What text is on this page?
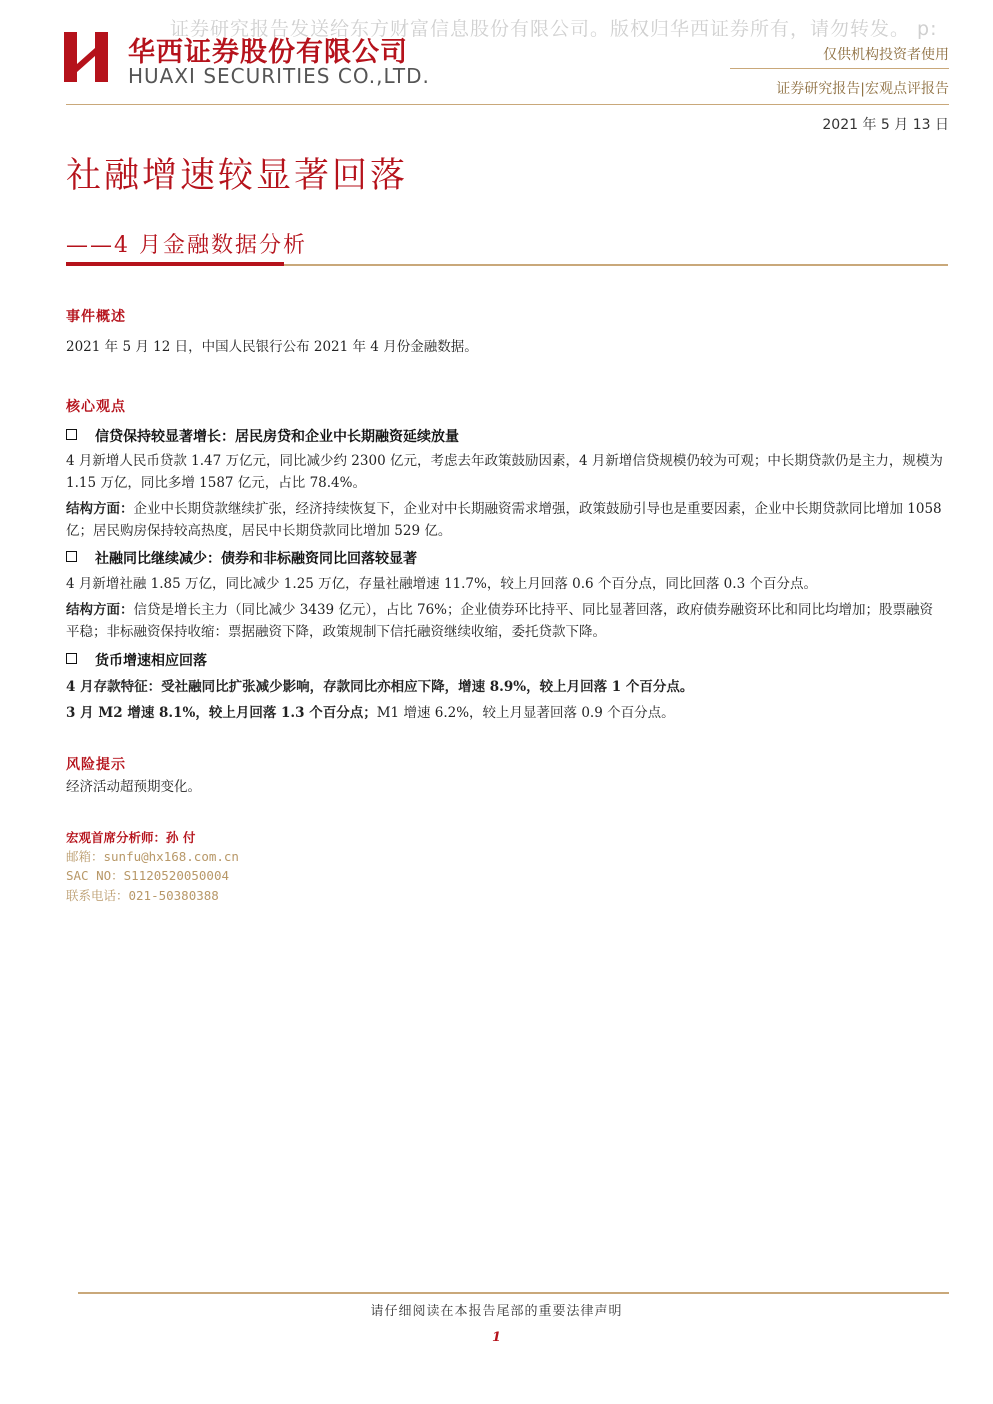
证券研究报告发送给东方财富信息股份有限公司。版权归华西证券所有，请勿转发。 p:
华西证券股份有限公司
HUAXI SECURITIES CO.,LTD.
仅供机构投资者使用
证券研究报告|宏观点评报告
2021 年 5 月 13 日
社融增速较显著回落
——4 月金融数据分析
事件概述
2021 年 5 月 12 日，中国人民银行公布 2021 年 4 月份金融数据。
核心观点
信贷保持较显著增长：居民房贷和企业中长期融资延续放量
4 月新增人民币贷款 1.47 万亿元，同比减少约 2300 亿元，考虑去年政策鼓励因素，4 月新增信贷规模仍较为可观；中长期贷款仍是主力，规模为 1.15 万亿，同比多增 1587 亿元，占比 78.4%。
结构方面：企业中长期贷款继续扩张，经济持续恢复下，企业对中长期融资需求增强，政策鼓励引导也是重要因素，企业中长期贷款同比增加 1058 亿；居民购房保持较高热度，居民中长期贷款同比增加 529 亿。
社融同比继续减少：债券和非标融资同比回落较显著
4 月新增社融 1.85 万亿，同比减少 1.25 万亿，存量社融增速 11.7%，较上月回落 0.6 个百分点，同比回落 0.3 个百分点。
结构方面：信贷是增长主力（同比减少 3439 亿元），占比 76%；企业债券环比持平、同比显著回落，政府债券融资环比和同比均增加；股票融资平稳；非标融资保持收缩：票据融资下降，政策规制下信托融资继续收缩，委托贷款下降。
货币增速相应回落
4 月存款特征：受社融同比扩张减少影响，存款同比亦相应下降，增速 8.9%，较上月回落 1 个百分点。
3 月 M2 增速 8.1%，较上月回落 1.3 个百分点；M1 增速 6.2%，较上月显著回落 0.9 个百分点。
风险提示
经济活动超预期变化。
宏观首席分析师：孙 付
邮箱：sunfu@hx168.com.cn
SAC NO：S1120520050004
联系电话：021-50380388
请仔细阅读在本报告尾部的重要法律声明
1
